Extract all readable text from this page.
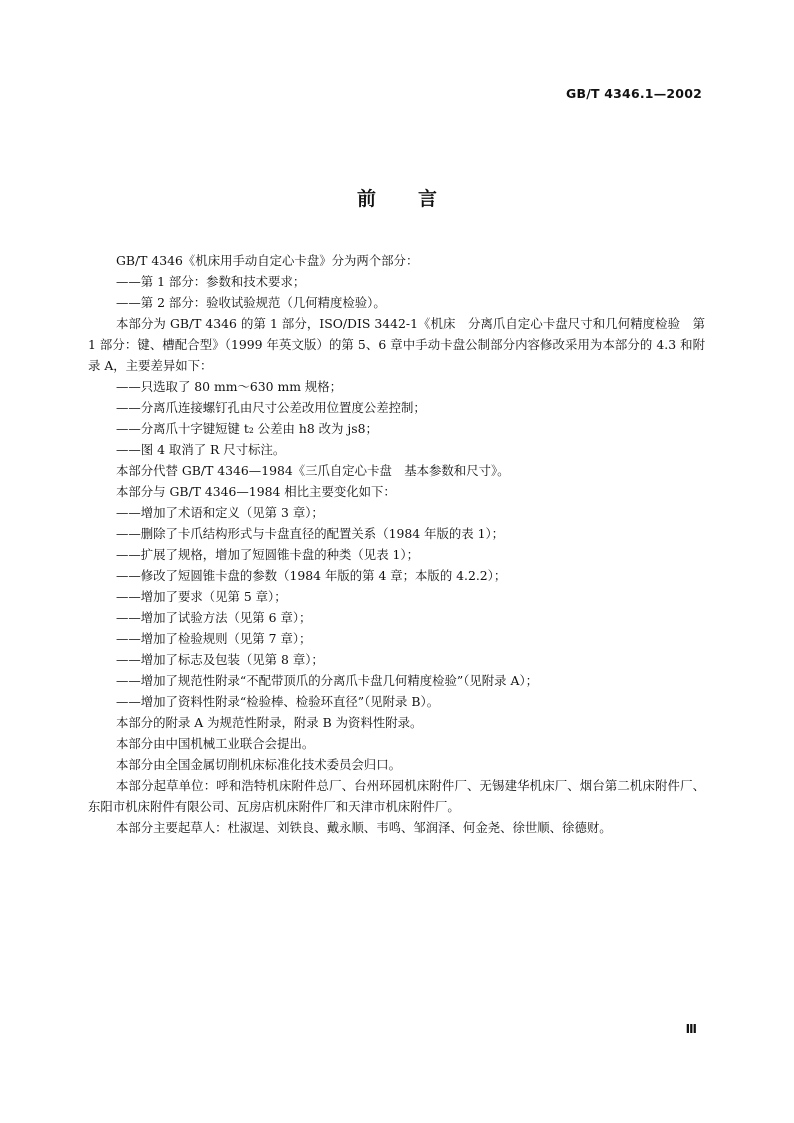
GB/T 4346.1—2002
前言

GB/T 4346《机床用手动自定心卡盘》分为两个部分：

——第 1 部分：参数和技术要求；

——第 2 部分：验收试验规范（几何精度检验）。

本部分为 GB/T 4346 的第 1 部分，ISO/DIS 3442-1《机床　分离爪自定心卡盘尺寸和几何精度检验　第 1 部分：键、槽配合型》（1999 年英文版）的第 5、6 章中手动卡盘公制部分内容修改采用为本部分的 4.3 和附录 A，主要差异如下：

——只选取了 80 mm～630 mm 规格；

——分离爪连接螺钉孔由尺寸公差改用位置度公差控制；

——分离爪十字键短键 t₂ 公差由 h8 改为 js8；

——图 4 取消了 R 尺寸标注。

本部分代替 GB/T 4346—1984《三爪自定心卡盘　基本参数和尺寸》。

本部分与 GB/T 4346—1984 相比主要变化如下：

——增加了术语和定义（见第 3 章）；

——删除了卡爪结构形式与卡盘直径的配置关系（1984 年版的表 1）；

——扩展了规格，增加了短圆锥卡盘的种类（见表 1）；

——修改了短圆锥卡盘的参数（1984 年版的第 4 章；本版的 4.2.2）；

——增加了要求（见第 5 章）；

——增加了试验方法（见第 6 章）；

——增加了检验规则（见第 7 章）；

——增加了标志及包装（见第 8 章）；

——增加了规范性附录“不配带顶爪的分离爪卡盘几何精度检验”（见附录 A）；

——增加了资料性附录“检验棒、检验环直径”（见附录 B）。

本部分的附录 A 为规范性附录，附录 B 为资料性附录。

本部分由中国机械工业联合会提出。

本部分由全国金属切削机床标准化技术委员会归口。

本部分起草单位：呼和浩特机床附件总厂、台州环园机床附件厂、无锡建华机床厂、烟台第二机床附件厂、东阳市机床附件有限公司、瓦房店机床附件厂和天津市机床附件厂。

本部分主要起草人：杜淑逞、刘铁良、戴永顺、韦鸣、邹润泽、何金尧、徐世顺、徐德财。

Ⅲ
